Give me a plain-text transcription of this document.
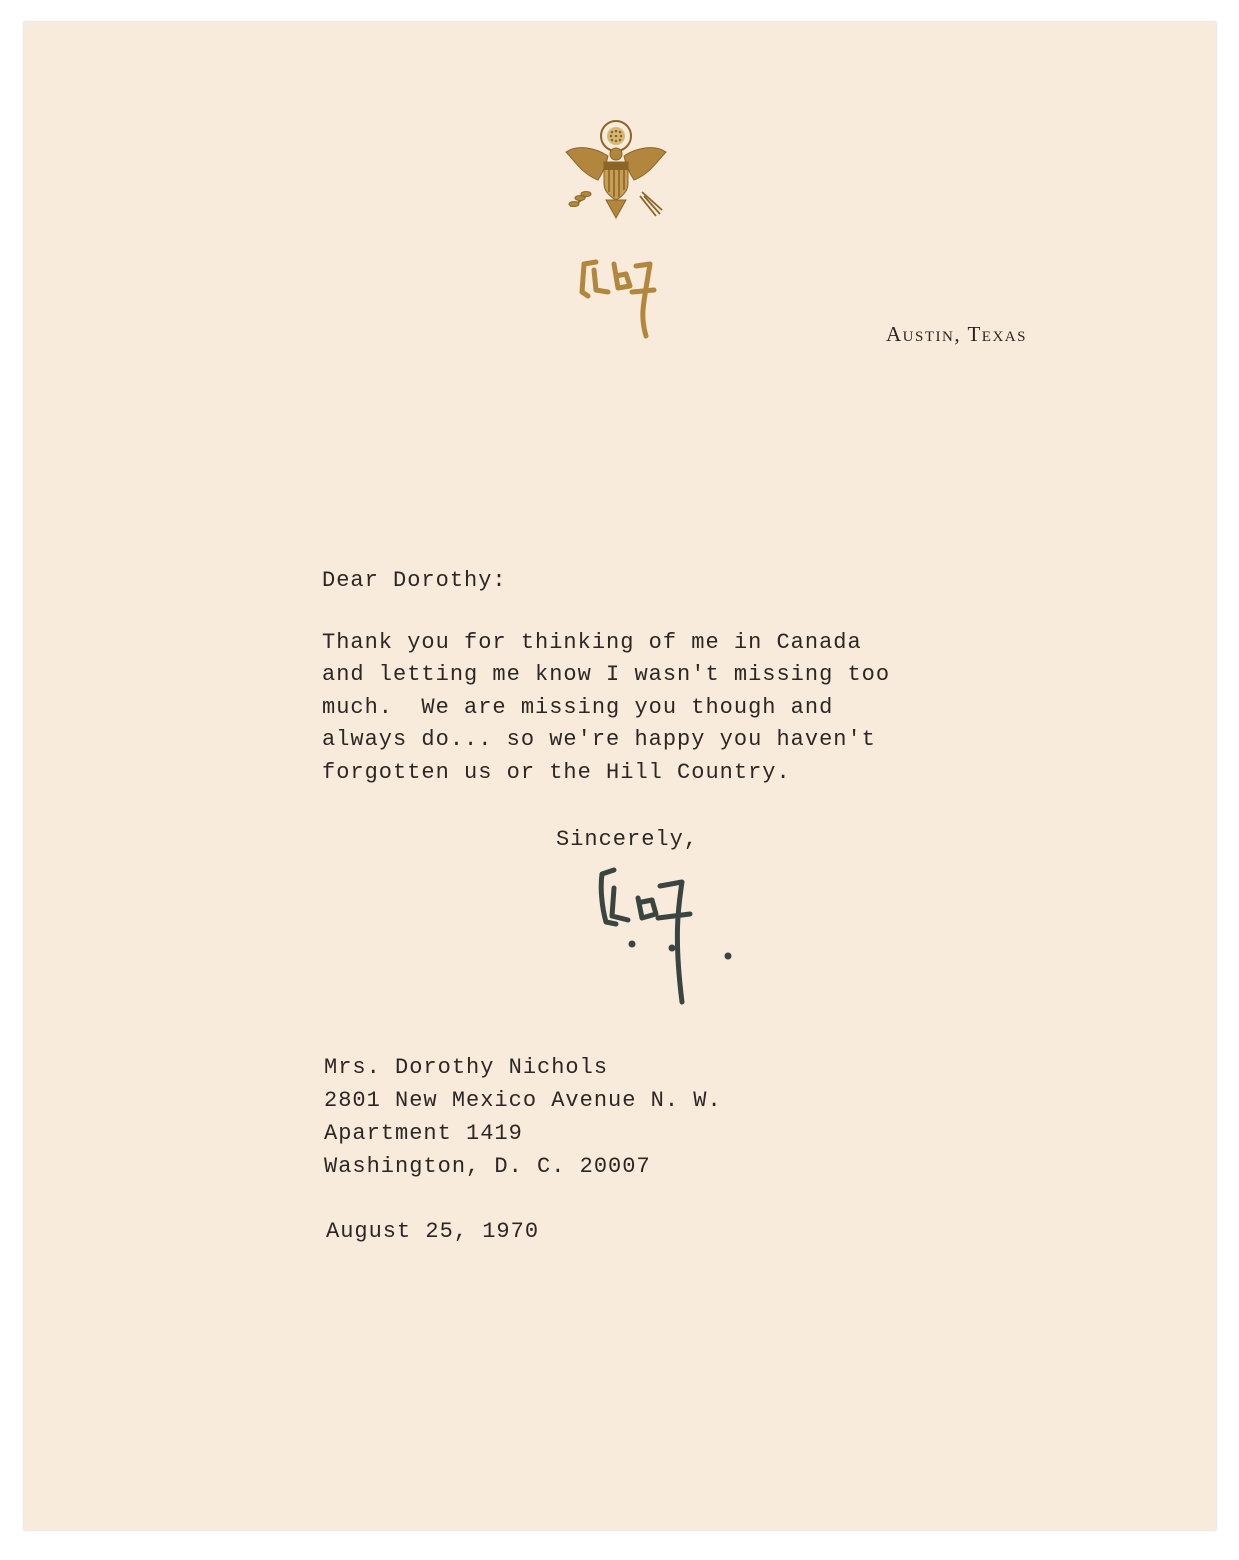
Austin, Texas
Dear Dorothy:
Thank you for thinking of me in Canada
and letting me know I wasn't missing too
much.  We are missing you though and
always do... so we're happy you haven't
forgotten us or the Hill Country.
Sincerely,
Mrs. Dorothy Nichols
2801 New Mexico Avenue N. W.
Apartment 1419
Washington, D. C. 20007
August 25, 1970
